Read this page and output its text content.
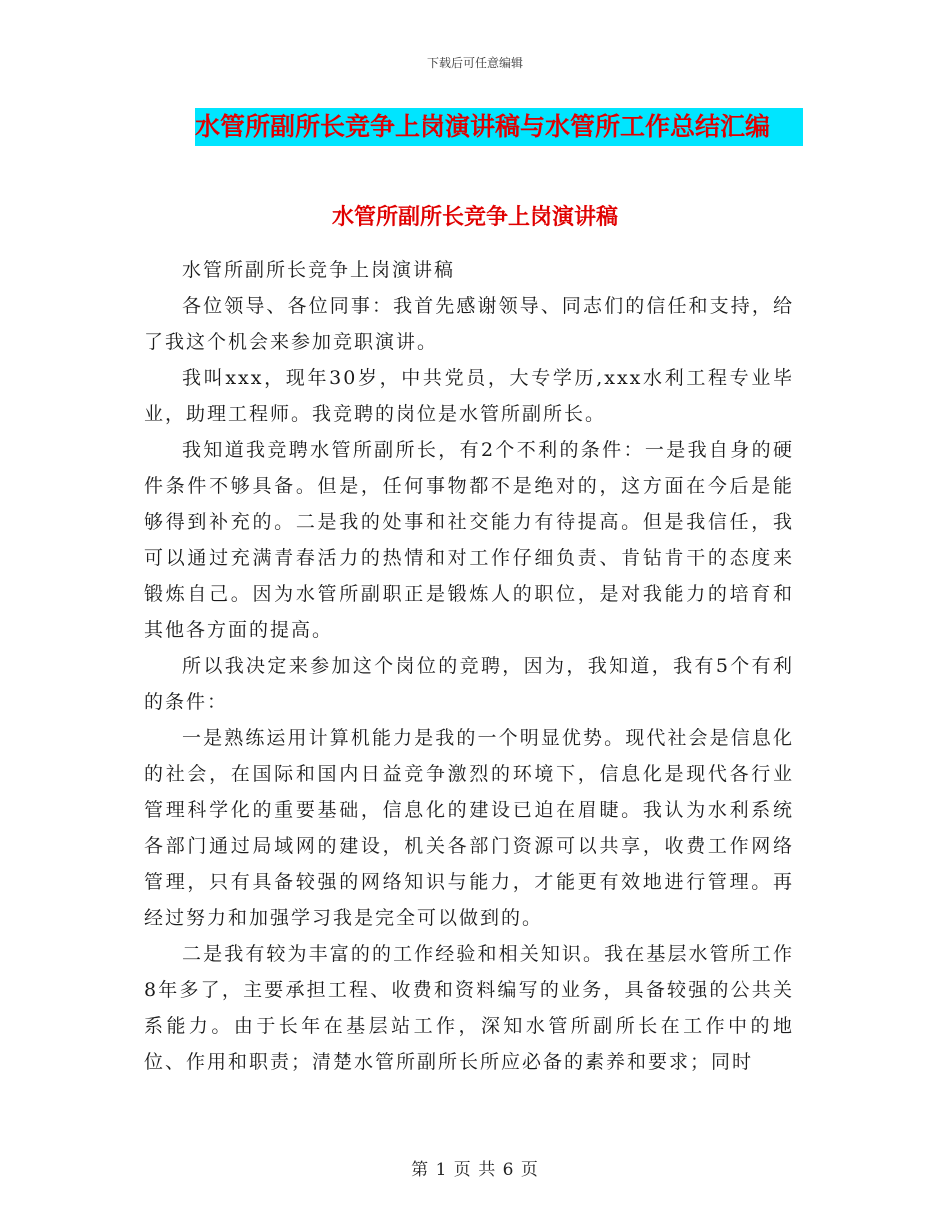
下载后可任意编辑
水管所副所长竞争上岗演讲稿与水管所工作总结汇编
水管所副所长竞争上岗演讲稿

水管所副所长竞争上岗演讲稿

各位领导、各位同事：我首先感谢领导、同志们的信任和支持，给了我这个机会来参加竞职演讲。

我叫xxx，现年30岁，中共党员，大专学历,xxx水利工程专业毕业，助理工程师。我竞聘的岗位是水管所副所长。

我知道我竞聘水管所副所长，有2个不利的条件：一是我自身的硬件条件不够具备。但是，任何事物都不是绝对的，这方面在今后是能够得到补充的。二是我的处事和社交能力有待提高。但是我信任，我可以通过充满青春活力的热情和对工作仔细负责、肯钻肯干的态度来锻炼自己。因为水管所副职正是锻炼人的职位，是对我能力的培育和其他各方面的提高。

所以我决定来参加这个岗位的竞聘，因为，我知道，我有5个有利的条件：

一是熟练运用计算机能力是我的一个明显优势。现代社会是信息化的社会，在国际和国内日益竞争激烈的环境下，信息化是现代各行业管理科学化的重要基础，信息化的建设已迫在眉睫。我认为水利系统各部门通过局域网的建设，机关各部门资源可以共享，收费工作网络管理，只有具备较强的网络知识与能力，才能更有效地进行管理。再经过努力和加强学习我是完全可以做到的。

二是我有较为丰富的的工作经验和相关知识。我在基层水管所工作8年多了，主要承担工程、收费和资料编写的业务，具备较强的公共关系能力。由于长年在基层站工作，深知水管所副所长在工作中的地位、作用和职责；清楚水管所副所长所应必备的素养和要求；同时

第 1 页 共 6 页
